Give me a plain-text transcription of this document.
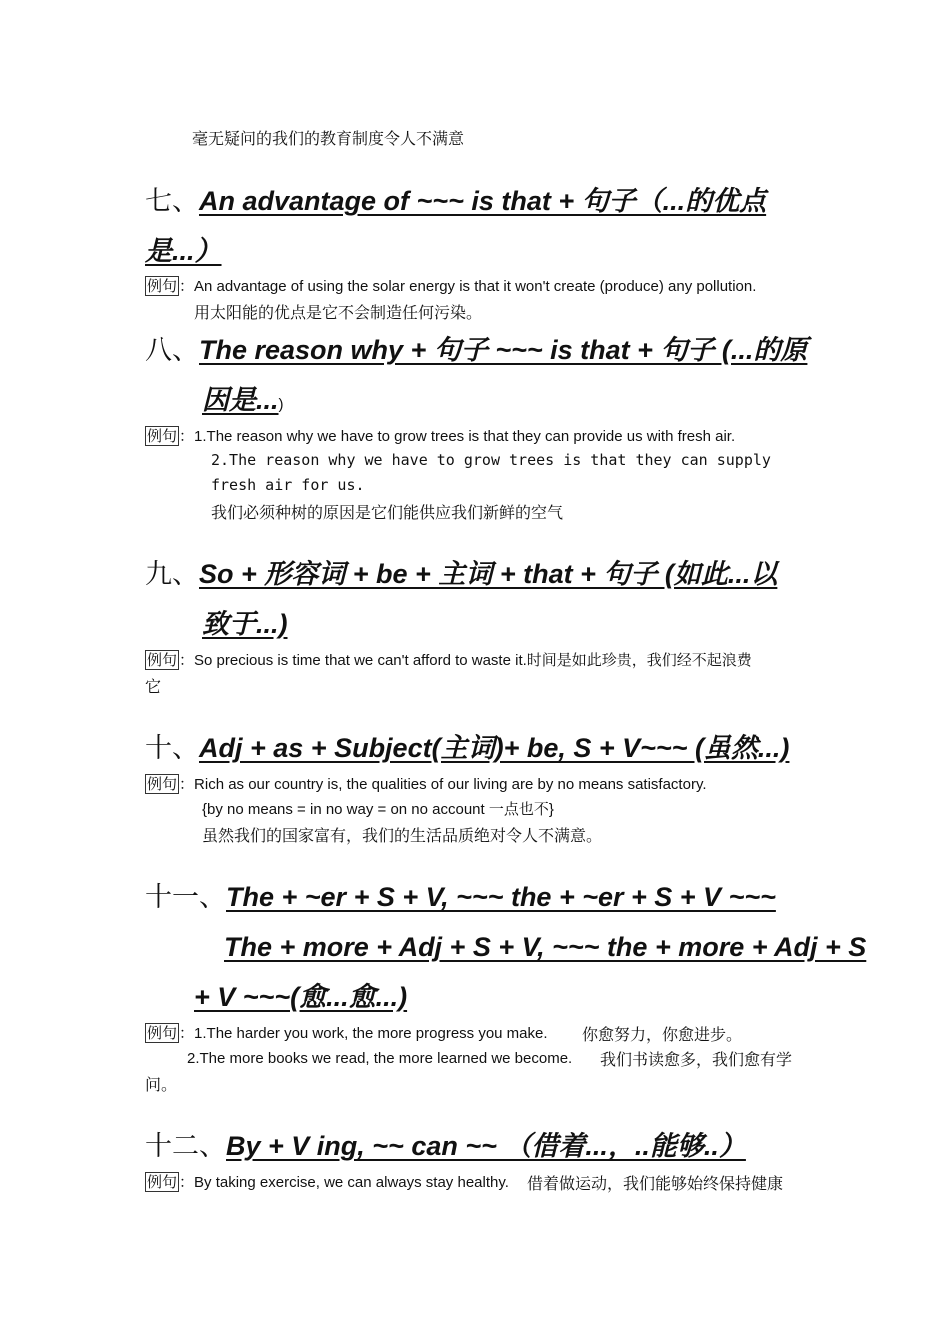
毫无疑问的我们的教育制度令人不满意
七、An advantage of ~~~ is that + 句子（...的优点
是...）
例句 ：An advantage of using the solar energy is that it won't create (produce) any pollution.
用太阳能的优点是它不会制造任何污染。
八、The reason why + 句子 ~~~ is that + 句子 (...的原
因是...)
例句 ：1.The reason why we have to grow trees is that they can provide us with fresh air.
2.The reason why we have to grow trees is that they can supply
fresh air for us.
我们必须种树的原因是它们能供应我们新鲜的空气
九、So + 形容词 + be + 主词 + that + 句子 (如此...以
致于...)
例句 ：So precious is time that we can't afford to waste it.时间是如此珍贵，我们经不起浪费
它
十、Adj + as + Subject(主词)+ be, S + V~~~ (虽然...)
例句 ：Rich as our country is, the qualities of our living are by no means satisfactory.
{by no means = in no way = on no account 一点也不}
虽然我们的国家富有，我们的生活品质绝对令人不满意。
十一、The + ~er + S + V, ~~~ the + ~er + S + V ~~~
The + more + Adj + S + V, ~~~ the + more + Adj + S
+ V ~~~(愈...愈...)
例句 ：1.The harder you work, the more progress you make. 你愈努力，你愈进步。
2.The more books we read, the more learned we become. 我们书读愈多，我们愈有学
问。
十二、By + V ing, ~~ can ~~ （借着...，..能够..）
例句 ：By taking exercise, we can always stay healthy. 借着做运动，我们能够始终保持健康
